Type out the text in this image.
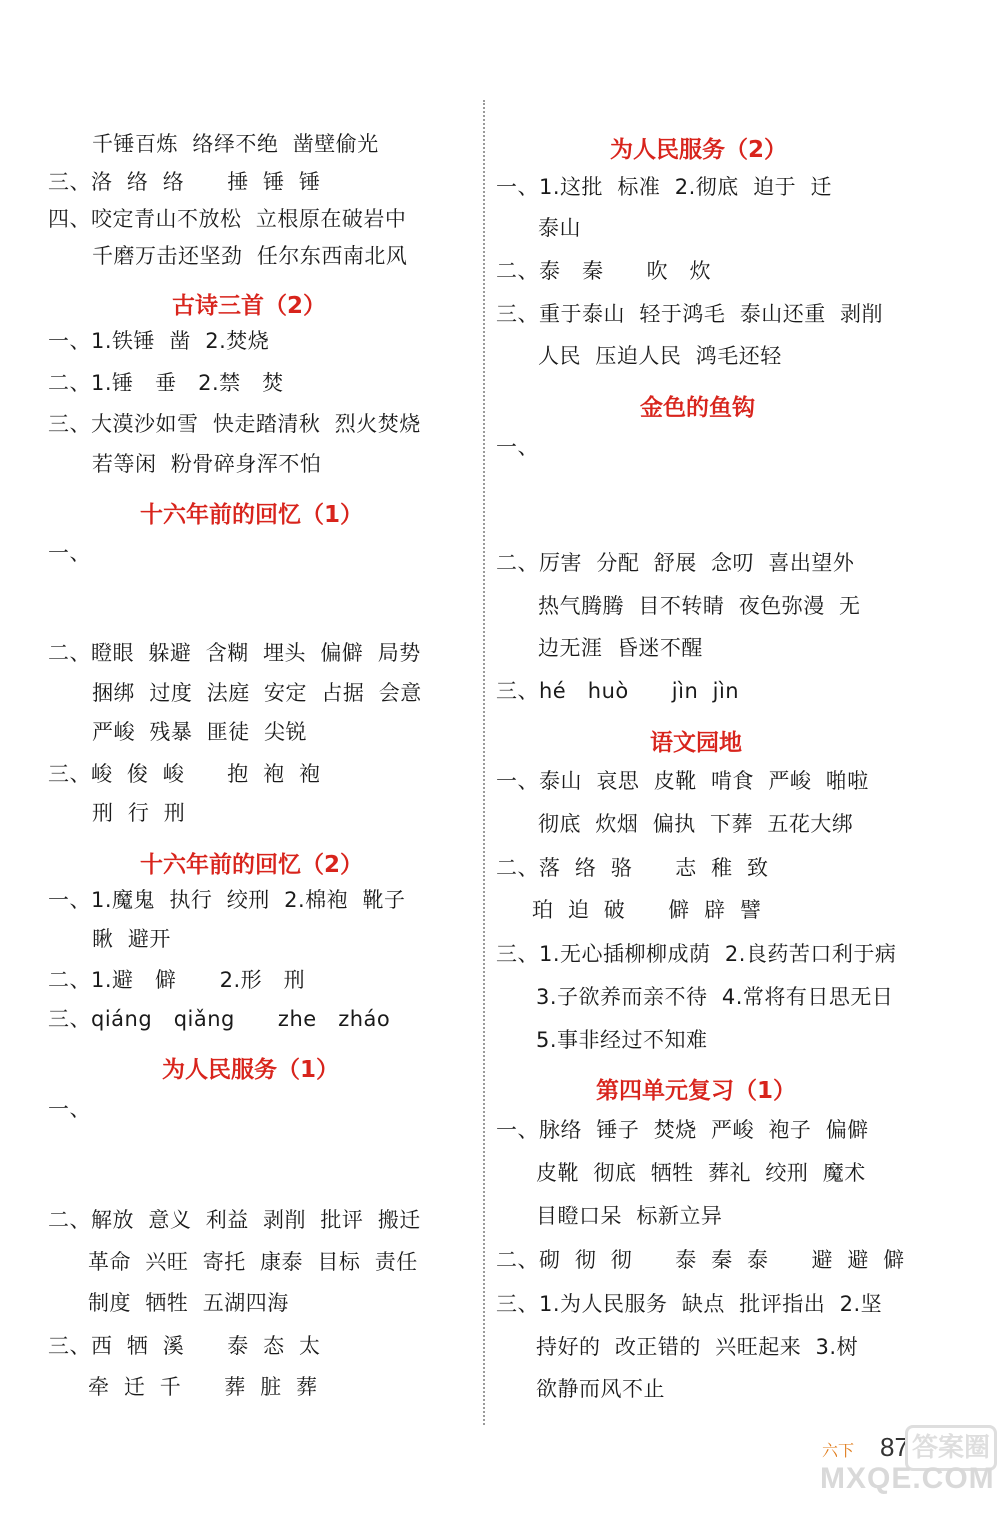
千锤百炼  络绎不绝  凿壁偷光
三、洛  络  络      捶  锤  锤
四、咬定青山不放松  立根原在破岩中
千磨万击还坚劲  任尔东西南北风
古诗三首（2）
一、1.铁锤  凿  2.焚烧
二、1.锤   垂   2.禁   焚
三、大漠沙如雪  快走踏清秋  烈火焚烧
若等闲  粉骨碎身浑不怕
十六年前的回忆（1）
一、
二、瞪眼  躲避  含糊  埋头  偏僻  局势
捆绑  过度  法庭  安定  占据  会意
严峻  残暴  匪徒  尖锐
三、峻  俊  峻      抱  袍  袍
刑  行  刑
十六年前的回忆（2）
一、1.魔鬼  执行  绞刑  2.棉袍  靴子
瞅  避开
二、1.避   僻      2.形   刑
三、qiáng   qiǎng      zhe   zháo
为人民服务（1）
一、
二、解放  意义  利益  剥削  批评  搬迁
革命  兴旺  寄托  康泰  目标  责任
制度  牺牲  五湖四海
三、西  牺  溪      泰  态  太
牵  迁  千      葬  脏  葬
为人民服务（2）
一、1.这批  标准  2.彻底  迫于  迁
泰山
二、泰   秦      吹   炊
三、重于泰山  轻于鸿毛  泰山还重  剥削
人民  压迫人民  鸿毛还轻
金色的鱼钩
一、
二、厉害  分配  舒展  念叨  喜出望外
热气腾腾  目不转睛  夜色弥漫  无
边无涯  昏迷不醒
三、hé   huò      jìn  jìn
语文园地
一、泰山  哀思  皮靴  啃食  严峻  啪啦
彻底  炊烟  偏执  下葬  五花大绑
二、落  络  骆      志  稚  致
珀  迫  破      僻  辟  譬
三、1.无心插柳柳成荫  2.良药苦口利于病
3.子欲养而亲不待  4.常将有日思无日
5.事非经过不知难
第四单元复习（1）
一、脉络  锤子  焚烧  严峻  袍子  偏僻
皮靴  彻底  牺牲  葬礼  绞刑  魔术
目瞪口呆  标新立异
二、砌  彻  彻      泰  秦  泰      避  避  僻
三、1.为人民服务  缺点  批评指出  2.坚
持好的  改正错的  兴旺起来  3.树
欲静而风不止
六下 87 答案圈
MXQE.COM
